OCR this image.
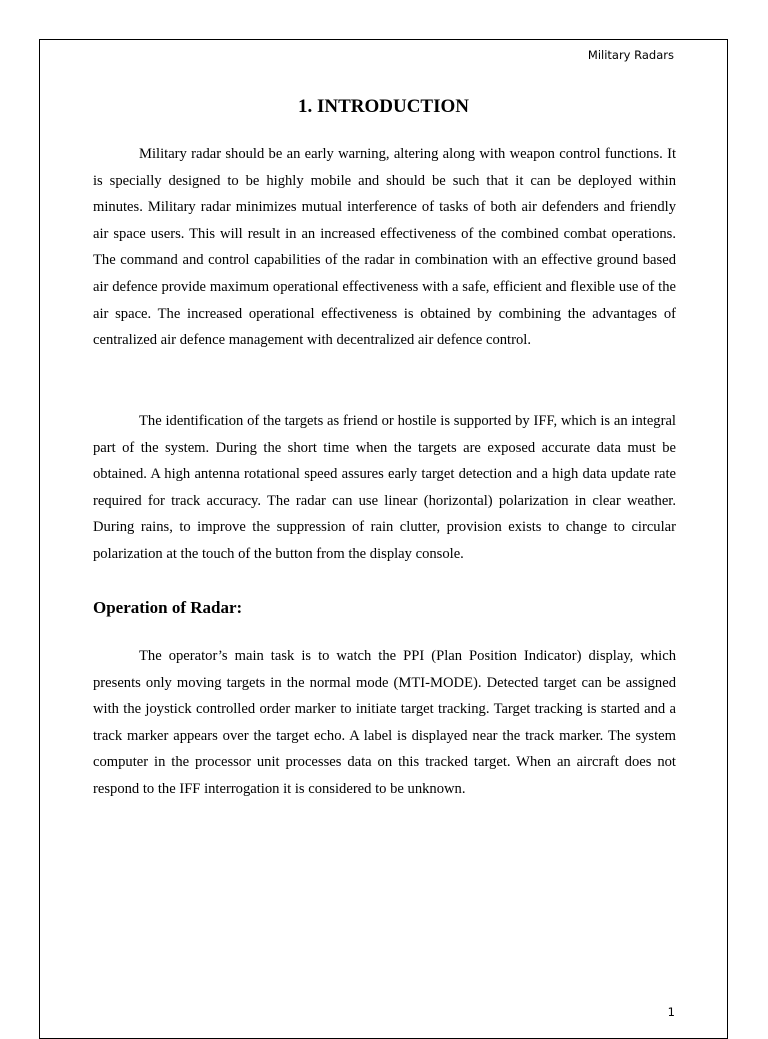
Military Radars
1. INTRODUCTION

Military radar should be an early warning, altering along with weapon control functions. It is specially designed to be highly mobile and should be such that it can be deployed within minutes. Military radar minimizes mutual interference of tasks of both air defenders and friendly air space users. This will result in an increased effectiveness of the combined combat operations. The command and control capabilities of the radar in combination with an effective ground based air defence provide maximum operational effectiveness with a safe, efficient and flexible use of the air space. The increased operational effectiveness is obtained by combining the advantages of centralized air defence management with decentralized air defence control.

The identification of the targets as friend or hostile is supported by IFF, which is an integral part of the system. During the short time when the targets are exposed accurate data must be obtained. A high antenna rotational speed assures early target detection and a high data update rate required for track accuracy. The radar can use linear (horizontal) polarization in clear weather. During rains, to improve the suppression of rain clutter, provision exists to change to circular polarization at the touch of the button from the display console.

Operation of Radar:

The operator’s main task is to watch the PPI (Plan Position Indicator) display, which presents only moving targets in the normal mode (MTI-MODE). Detected target can be assigned with the joystick controlled order marker to initiate target tracking. Target tracking is started and a track marker appears over the target echo. A label is displayed near the track marker. The system computer in the processor unit processes data on this tracked target. When an aircraft does not respond to the IFF interrogation it is considered to be unknown.

1
